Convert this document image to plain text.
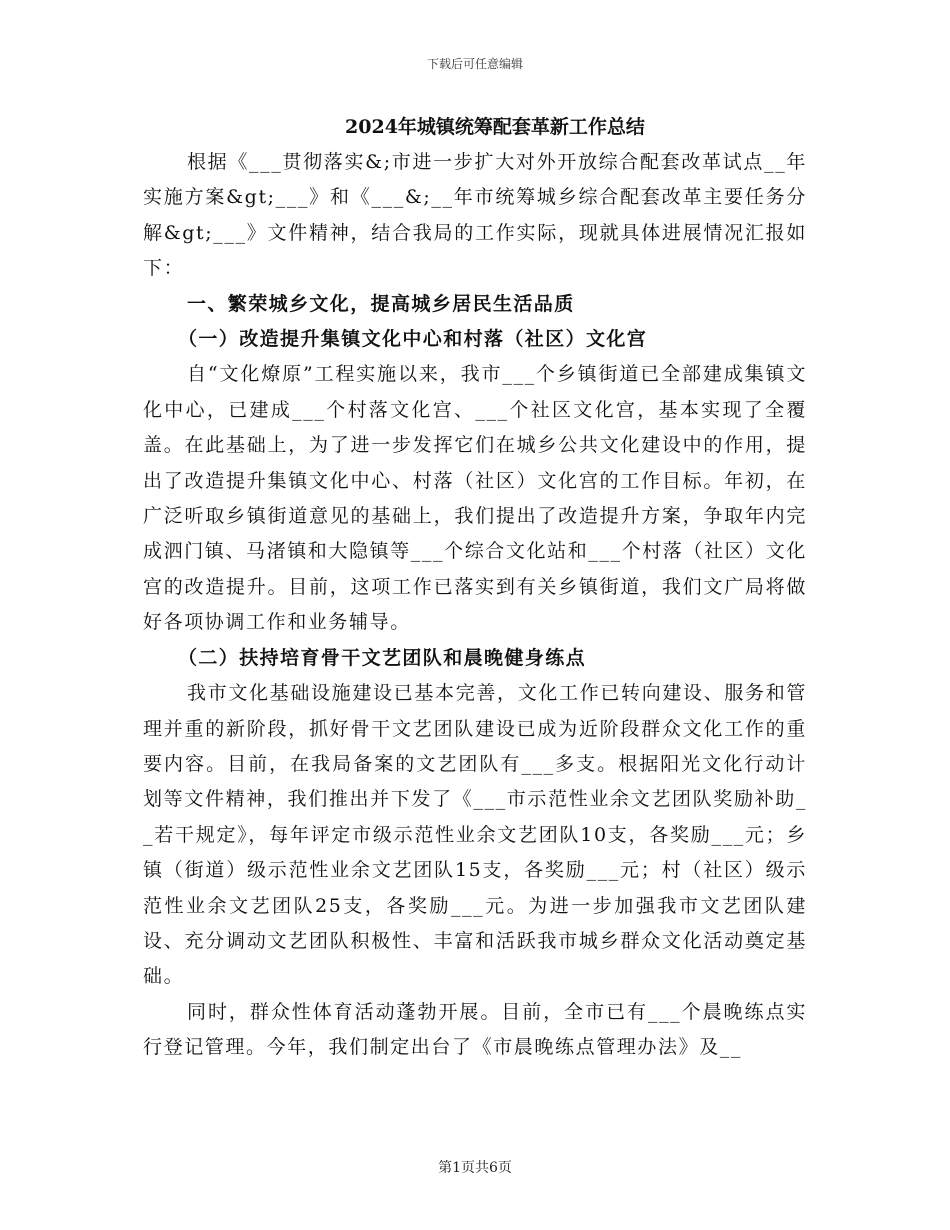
下载后可任意编辑
2024年城镇统筹配套革新工作总结

根据《___贯彻落实&;市进一步扩大对外开放综合配套改革试点__年实施方案&gt;___》和《___&;__年市统筹城乡综合配套改革主要任务分解&gt;___》文件精神，结合我局的工作实际，现就具体进展情况汇报如下：

一、繁荣城乡文化，提高城乡居民生活品质

（一）改造提升集镇文化中心和村落（社区）文化宫

自“文化燎原”工程实施以来，我市___个乡镇街道已全部建成集镇文化中心，已建成___个村落文化宫、___个社区文化宫，基本实现了全覆盖。在此基础上，为了进一步发挥它们在城乡公共文化建设中的作用，提出了改造提升集镇文化中心、村落（社区）文化宫的工作目标。年初，在广泛听取乡镇街道意见的基础上，我们提出了改造提升方案，争取年内完成泗门镇、马渚镇和大隐镇等___个综合文化站和___个村落（社区）文化宫的改造提升。目前，这项工作已落实到有关乡镇街道，我们文广局将做好各项协调工作和业务辅导。

（二）扶持培育骨干文艺团队和晨晚健身练点

我市文化基础设施建设已基本完善，文化工作已转向建设、服务和管理并重的新阶段，抓好骨干文艺团队建设已成为近阶段群众文化工作的重要内容。目前，在我局备案的文艺团队有___多支。根据阳光文化行动计划等文件精神，我们推出并下发了《___市示范性业余文艺团队奖励补助__若干规定》，每年评定市级示范性业余文艺团队10支，各奖励___元；乡镇（街道）级示范性业余文艺团队15支，各奖励___元；村（社区）级示范性业余文艺团队25支，各奖励___元。为进一步加强我市文艺团队建设、充分调动文艺团队积极性、丰富和活跃我市城乡群众文化活动奠定基础。

同时，群众性体育活动蓬勃开展。目前，全市已有___个晨晚练点实行登记管理。今年，我们制定出台了《市晨晚练点管理办法》及__

第1页共6页
